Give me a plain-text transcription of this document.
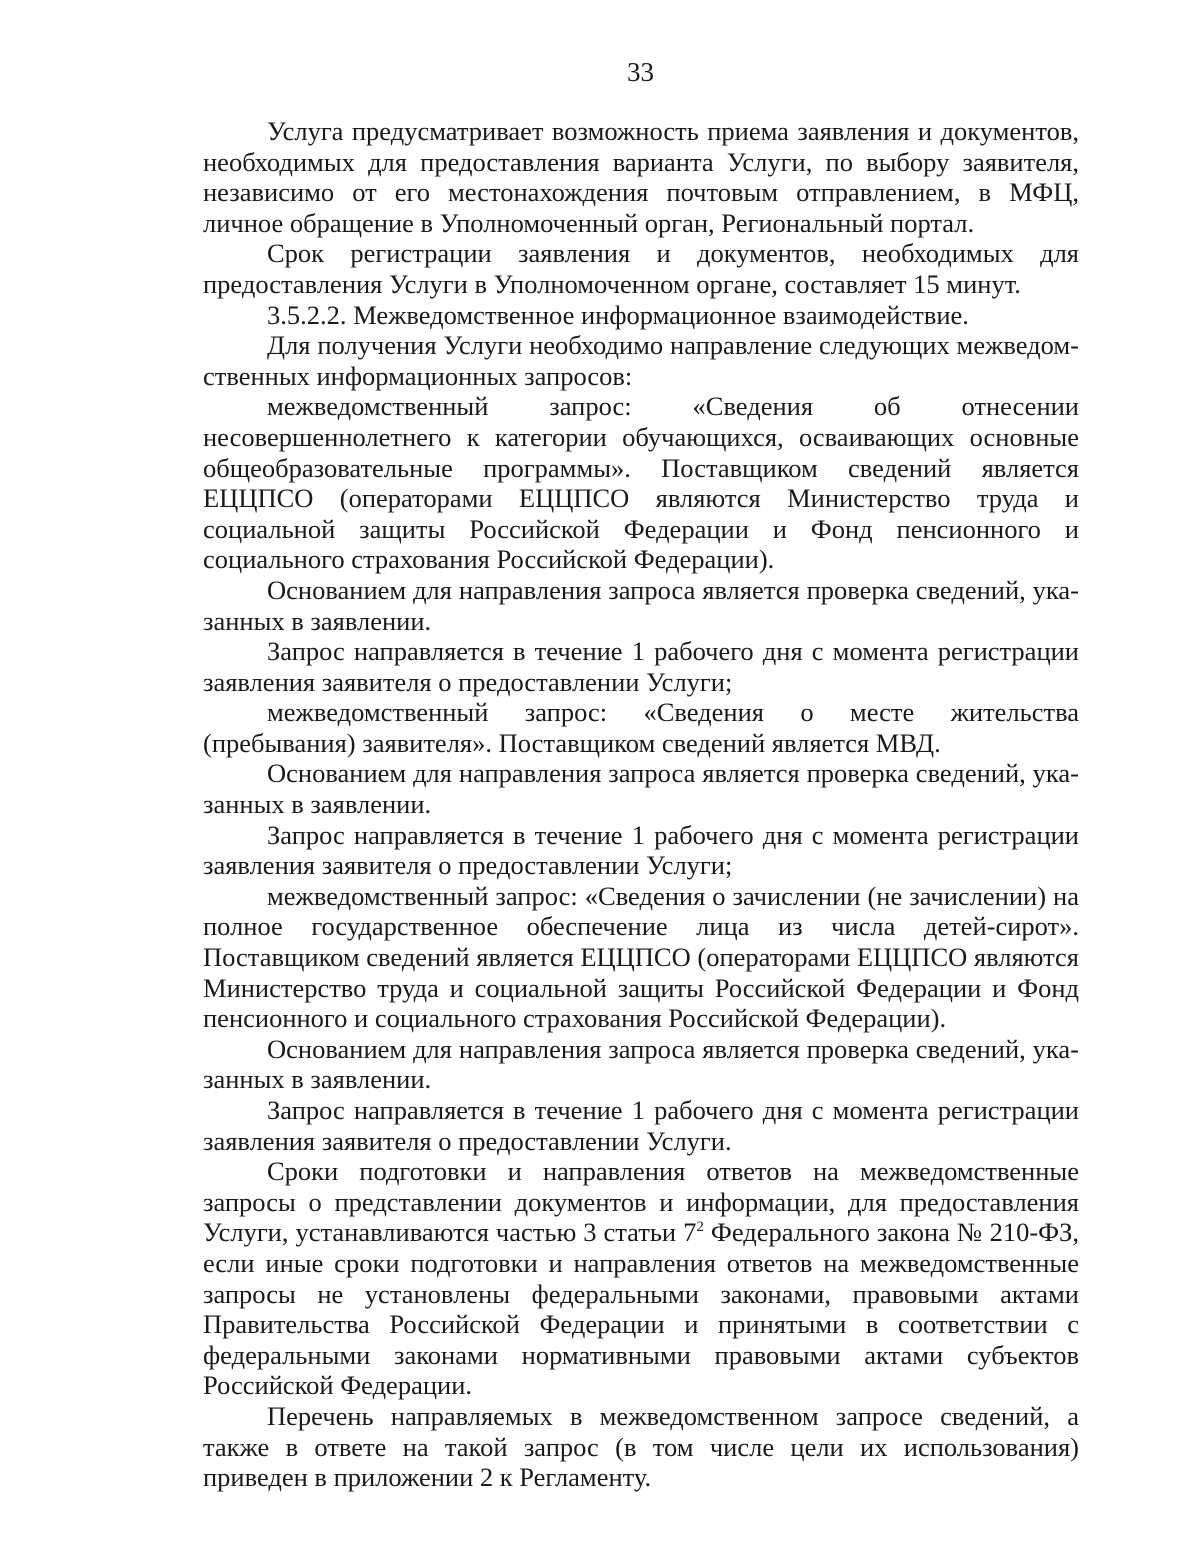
33

Услуга предусматривает возможность приема заявления и документов, необходимых для предоставления варианта Услуги, по выбору заявителя, независимо от его местонахождения почтовым отправлением, в МФЦ, личное обращение в Уполномоченный орган, Региональный портал.

Срок регистрации заявления и документов, необходимых для предоставления Услуги в Уполномоченном органе, составляет 15 минут.

3.5.2.2. Межведомственное информационное взаимодействие.

Для получения Услуги необходимо направление следующих межведомственных информационных запросов:

межведомственный запрос: «Сведения об отнесении несовершеннолетнего к категории обучающихся, осваивающих основные общеобразовательные программы». Поставщиком сведений является ЕЦЦПСО (операторами ЕЦЦПСО являются Министерство труда и социальной защиты Российской Федерации и Фонд пенсионного и социального страхования Российской Федерации).

Основанием для направления запроса является проверка сведений, указанных в заявлении.

Запрос направляется в течение 1 рабочего дня с момента регистрации заявления заявителя о предоставлении Услуги;

межведомственный запрос: «Сведения о месте жительства (пребывания) заявителя». Поставщиком сведений является МВД.

Основанием для направления запроса является проверка сведений, указанных в заявлении.

Запрос направляется в течение 1 рабочего дня с момента регистрации заявления заявителя о предоставлении Услуги;

межведомственный запрос: «Сведения о зачислении (не зачислении) на полное государственное обеспечение лица из числа детей-сирот». Поставщиком сведений является ЕЦЦПСО (операторами ЕЦЦПСО являются Министерство труда и социальной защиты Российской Федерации и Фонд пенсионного и социального страхования Российской Федерации).

Основанием для направления запроса является проверка сведений, указанных в заявлении.

Запрос направляется в течение 1 рабочего дня с момента регистрации заявления заявителя о предоставлении Услуги.

Сроки подготовки и направления ответов на межведомственные запросы о представлении документов и информации, для предоставления Услуги, устанавливаются частью 3 статьи $7^2$ Федерального закона № 210-ФЗ, если иные сроки подготовки и направления ответов на межведомственные запросы не установлены федеральными законами, правовыми актами Правительства Российской Федерации и принятыми в соответствии с федеральными законами нормативными правовыми актами субъектов Российской Федерации.

Перечень направляемых в межведомственном запросе сведений, а также в ответе на такой запрос (в том числе цели их использования) приведен в приложении 2 к Регламенту.
